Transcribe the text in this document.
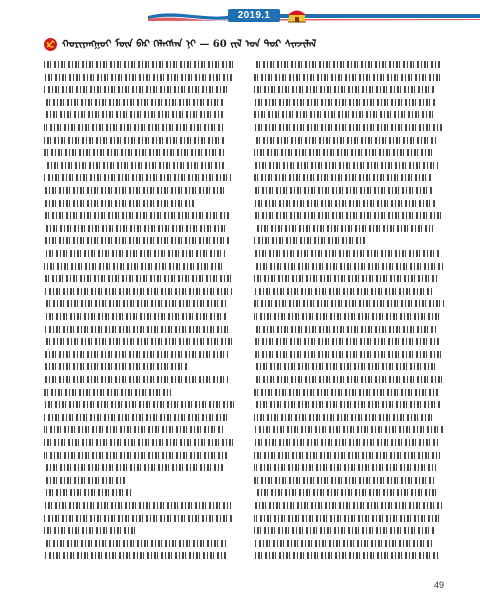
2019.1
ᠬᠤᠷᠢᠶᠠᠩᠭᠤᠢ ᠮᠦᠨ ᠪᠡᠷ ᠬᠡᠯᠡᠭᠰᠡᠨ ᠨᠢ — 60 ᠵᠢᠯ ᠤᠨ ᠳᠤᠷ ᠰᠢᠨᠵᠢᠯᠡᠯ
49
